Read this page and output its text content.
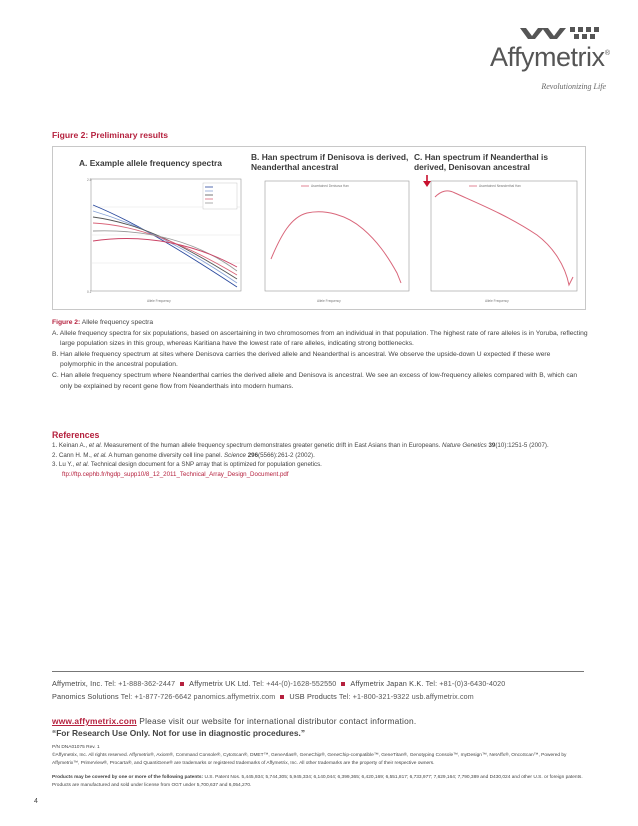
Affymetrix ®
Revolutionizing Life
Figure 2: Preliminary results
A. Example allele frequency spectra
B. Han spectrum if Denisova is derived, Neanderthal ancestral
C. Han spectrum if Neanderthal is derived, Denisovan ancestral
2.5
0.1
Allele Frequency
Ascertained Denisova Han
Allele Frequency
Ascertained Neanderthal Han
Allele Frequency
Figure 2: Allele frequency spectra
A. Allele frequency spectra for six populations, based on ascertaining in two chromosomes from an individual in that population. The highest rate of rare alleles is in Yoruba, reflecting large population sizes in this group, whereas Karitiana have the lowest rate of rare alleles, indicating strong bottlenecks.
B. Han allele frequency spectrum at sites where Denisova carries the derived allele and Neanderthal is ancestral. We observe the upside-down U expected if these were polymorphic in the ancestral population.
C. Han allele frequency spectrum where Neanderthal carries the derived allele and Denisova is ancestral. We see an excess of low-frequency alleles compared with B, which can only be explained by recent gene flow from Neanderthals into modern humans.
References
1. Keinan A., et al. Measurement of the human allele frequency spectrum demonstrates greater genetic drift in East Asians than in Europeans. Nature Genetics 39(10):1251-5 (2007).
2. Cann H. M., et al. A human genome diversity cell line panel. Science 296(5566):261-2 (2002).
3. Lu Y., et al. Technical design document for a SNP array that is optimized for population genetics.
ftp://ftp.cephb.fr/hgdp_supp10/8_12_2011_Technical_Array_Design_Document.pdf
Affymetrix, Inc. Tel: +1-888-362-2447 Affymetrix UK Ltd. Tel: +44-(0)-1628-552550 Affymetrix Japan K.K. Tel: +81-(0)3-6430-4020
Panomics Solutions Tel: +1-877-726-6642 panomics.affymetrix.com USB Products Tel: +1-800-321-9322 usb.affymetrix.com
www.affymetrix.com Please visit our website for international distributor contact information.
“For Research Use Only. Not for use in diagnostic procedures.”
P/N DNA01075 Rev. 1
©Affymetrix, Inc. All rights reserved. Affymetrix®, Axiom®, Command Console®, CytoScan®, DMET™, GeneAtlas®, GeneChip®, GeneChip-compatible™, GeneTitan®, Genotyping Console™, myDesign™, NetAffx®, OncoScan™, Powered by Affymetrix™, PrimeView®, Procarta®, and QuantiGene® are trademarks or registered trademarks of Affymetrix, Inc. All other trademarks are the property of their respective owners.
Products may be covered by one or more of the following patents: U.S. Patent Nos. 5,445,934; 5,744,305; 5,945,334; 6,140,044; 6,399,365; 6,420,169; 6,551,817; 6,733,977; 7,629,164; 7,790,389 and D430,024 and other U.S. or foreign patents. Products are manufactured and sold under license from OGT under 5,700,637 and 6,054,270.
4
